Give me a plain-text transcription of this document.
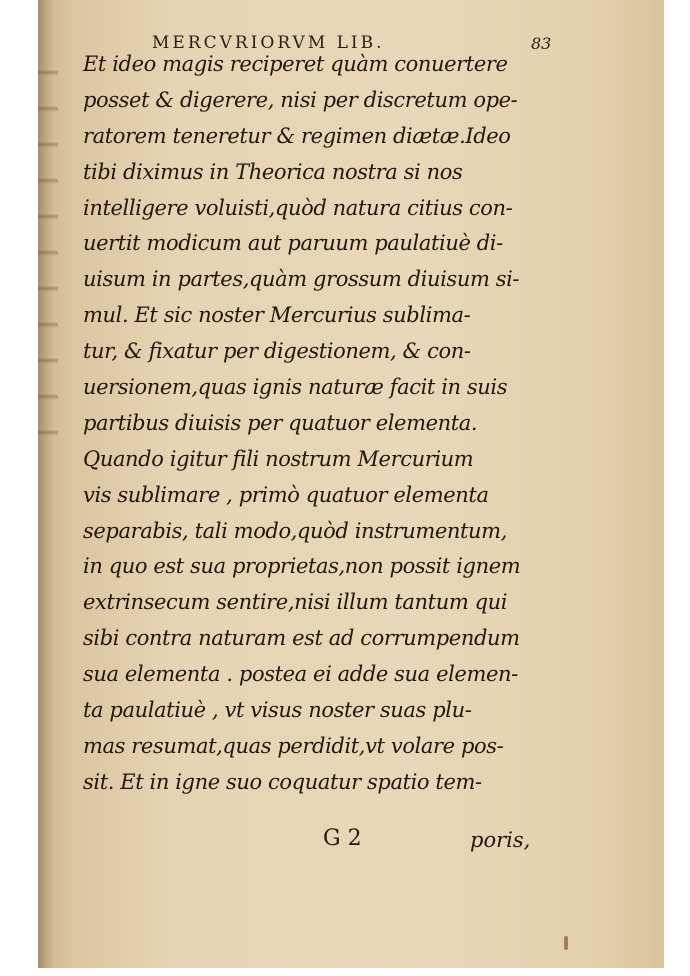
MERCVRIORVM LIB.	83
Et ideo magis reciperet quàm conuertere
posset & digerere, nisi per discretum ope-
ratorem teneretur & regimen diætæ.Ideo
tibi diximus in Theorica nostra si nos
intelligere voluisti,quòd natura citius con-
uertit modicum aut paruum paulatiuè di-
uisum in partes,quàm grossum diuisum si-
mul. Et sic noster Mercurius sublima-
tur, & fixatur per digestionem, & con-
uersionem,quas ignis naturæ facit in suis
partibus diuisis per quatuor elementa.
Quando igitur fili nostrum Mercurium
vis sublimare , primò quatuor elementa
separabis, tali modo,quòd instrumentum,
in quo est sua proprietas,non possit ignem
extrinsecum sentire,nisi illum tantum qui
sibi contra naturam est ad corrumpendum
sua elementa . postea ei adde sua elemen-
ta paulatiuè , vt visus noster suas plu-
mas resumat,quas perdidit,vt volare pos-
sit. Et in igne suo coquatur spatio tem-
G 2	poris,
